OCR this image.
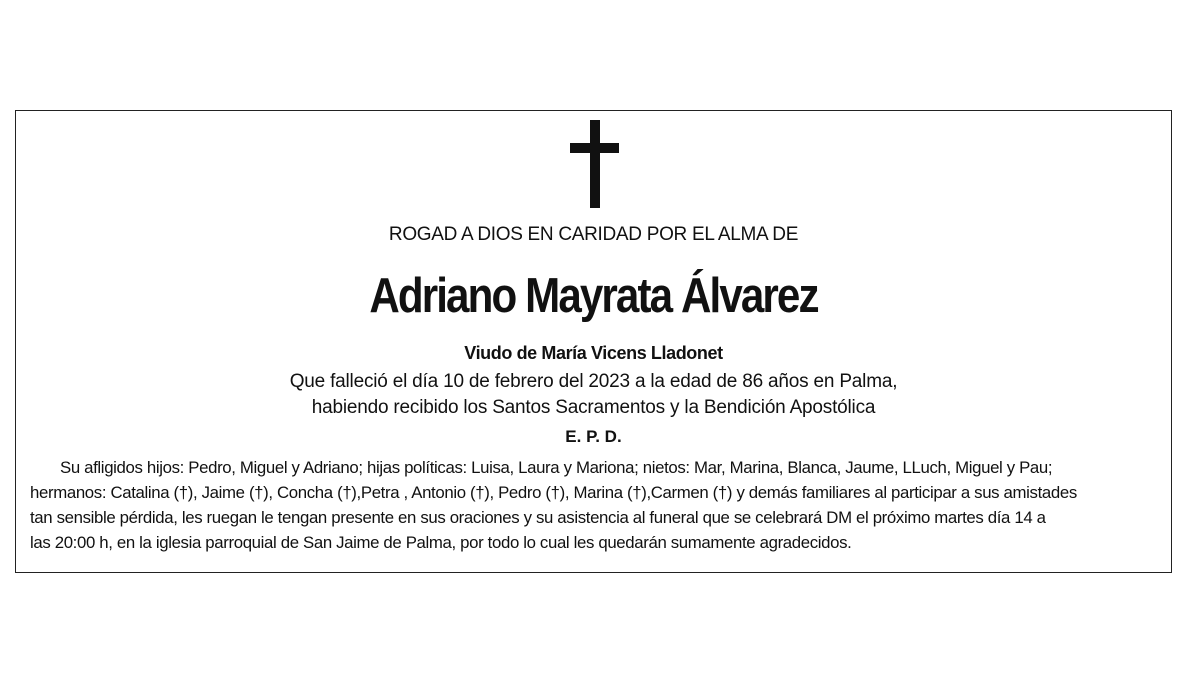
ROGAD A DIOS EN CARIDAD POR EL ALMA DE
Adriano Mayrata Álvarez
Viudo de María Vicens Lladonet
Que falleció el día 10 de febrero del 2023 a la edad de 86 años en Palma,
habiendo recibido los Santos Sacramentos y la Bendición Apostólica
E. P. D.
Su afligidos hijos: Pedro, Miguel y Adriano; hijas políticas: Luisa, Laura y Mariona; nietos: Mar, Marina, Blanca, Jaume, LLuch, Miguel y Pau;
hermanos: Catalina (†), Jaime (†), Concha (†),Petra , Antonio (†), Pedro (†), Marina (†),Carmen (†) y demás familiares al participar a sus amistades
tan sensible pérdida, les ruegan le tengan presente en sus oraciones y su asistencia al funeral que se celebrará DM el próximo martes día 14 a
las 20:00 h, en la iglesia parroquial de San Jaime de Palma, por todo lo cual les quedarán sumamente agradecidos.
